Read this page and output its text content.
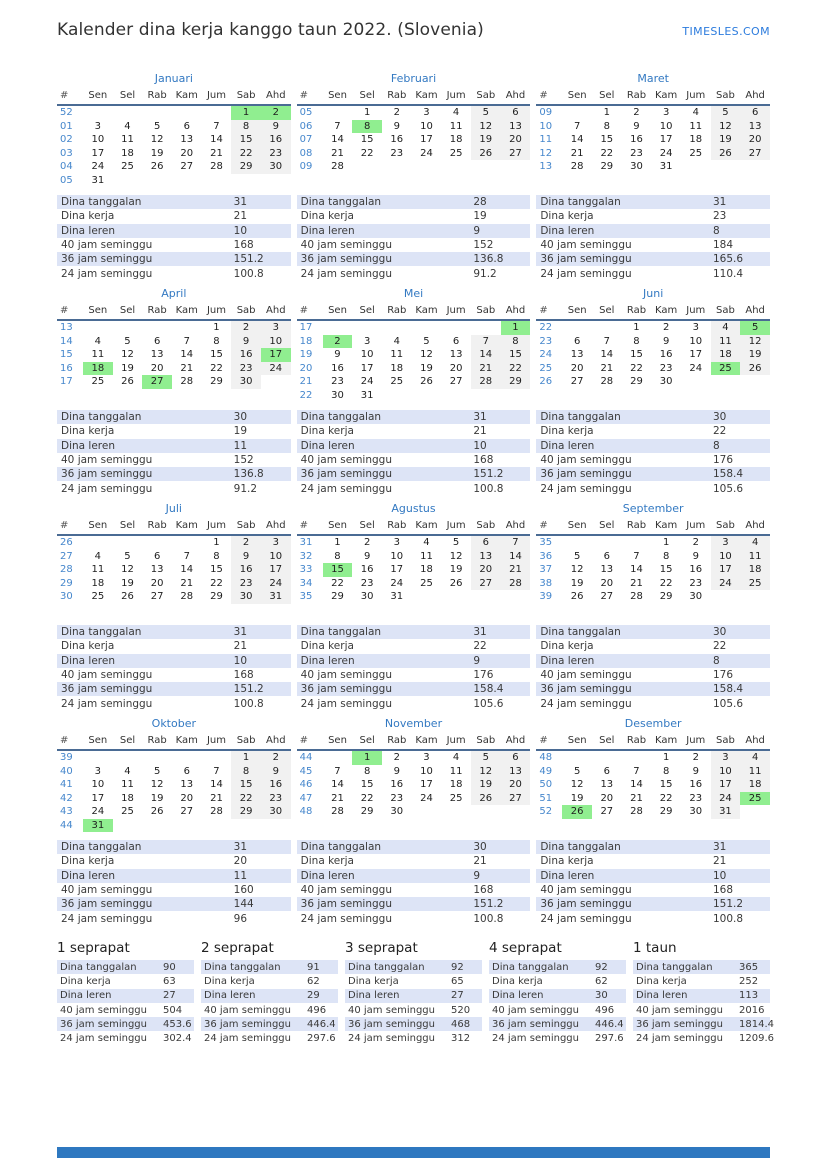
Kalender dina kerja kanggo taun 2022. (Slovenia)	TIMESLES.COM
Januari
#	Sen	Sel	Rab	Kam	Jum	Sab	Ahd
52						1	2
01	3	4	5	6	7	8	9
02	10	11	12	13	14	15	16
03	17	18	19	20	21	22	23
04	24	25	26	27	28	29	30
05	31						
Dina tanggalan	31
Dina kerja	21
Dina leren	10
40 jam seminggu	168
36 jam seminggu	151.2
24 jam seminggu	100.8
Februari
#	Sen	Sel	Rab	Kam	Jum	Sab	Ahd
05		1	2	3	4	5	6
06	7	8	9	10	11	12	13
07	14	15	16	17	18	19	20
08	21	22	23	24	25	26	27
09	28						
Dina tanggalan	28
Dina kerja	19
Dina leren	9
40 jam seminggu	152
36 jam seminggu	136.8
24 jam seminggu	91.2
Maret
#	Sen	Sel	Rab	Kam	Jum	Sab	Ahd
09		1	2	3	4	5	6
10	7	8	9	10	11	12	13
11	14	15	16	17	18	19	20
12	21	22	23	24	25	26	27
13	28	29	30	31			
Dina tanggalan	31
Dina kerja	23
Dina leren	8
40 jam seminggu	184
36 jam seminggu	165.6
24 jam seminggu	110.4
April
#	Sen	Sel	Rab	Kam	Jum	Sab	Ahd
13					1	2	3
14	4	5	6	7	8	9	10
15	11	12	13	14	15	16	17
16	18	19	20	21	22	23	24
17	25	26	27	28	29	30	
Dina tanggalan	30
Dina kerja	19
Dina leren	11
40 jam seminggu	152
36 jam seminggu	136.8
24 jam seminggu	91.2
Mei
#	Sen	Sel	Rab	Kam	Jum	Sab	Ahd
17							1
18	2	3	4	5	6	7	8
19	9	10	11	12	13	14	15
20	16	17	18	19	20	21	22
21	23	24	25	26	27	28	29
22	30	31					
Dina tanggalan	31
Dina kerja	21
Dina leren	10
40 jam seminggu	168
36 jam seminggu	151.2
24 jam seminggu	100.8
Juni
#	Sen	Sel	Rab	Kam	Jum	Sab	Ahd
22			1	2	3	4	5
23	6	7	8	9	10	11	12
24	13	14	15	16	17	18	19
25	20	21	22	23	24	25	26
26	27	28	29	30			
Dina tanggalan	30
Dina kerja	22
Dina leren	8
40 jam seminggu	176
36 jam seminggu	158.4
24 jam seminggu	105.6
Juli
#	Sen	Sel	Rab	Kam	Jum	Sab	Ahd
26					1	2	3
27	4	5	6	7	8	9	10
28	11	12	13	14	15	16	17
29	18	19	20	21	22	23	24
30	25	26	27	28	29	30	31
Dina tanggalan	31
Dina kerja	21
Dina leren	10
40 jam seminggu	168
36 jam seminggu	151.2
24 jam seminggu	100.8
Agustus
#	Sen	Sel	Rab	Kam	Jum	Sab	Ahd
31	1	2	3	4	5	6	7
32	8	9	10	11	12	13	14
33	15	16	17	18	19	20	21
34	22	23	24	25	26	27	28
35	29	30	31				
Dina tanggalan	31
Dina kerja	22
Dina leren	9
40 jam seminggu	176
36 jam seminggu	158.4
24 jam seminggu	105.6
September
#	Sen	Sel	Rab	Kam	Jum	Sab	Ahd
35				1	2	3	4
36	5	6	7	8	9	10	11
37	12	13	14	15	16	17	18
38	19	20	21	22	23	24	25
39	26	27	28	29	30		
Dina tanggalan	30
Dina kerja	22
Dina leren	8
40 jam seminggu	176
36 jam seminggu	158.4
24 jam seminggu	105.6
Oktober
#	Sen	Sel	Rab	Kam	Jum	Sab	Ahd
39						1	2
40	3	4	5	6	7	8	9
41	10	11	12	13	14	15	16
42	17	18	19	20	21	22	23
43	24	25	26	27	28	29	30
44	31						
Dina tanggalan	31
Dina kerja	20
Dina leren	11
40 jam seminggu	160
36 jam seminggu	144
24 jam seminggu	96
November
#	Sen	Sel	Rab	Kam	Jum	Sab	Ahd
44		1	2	3	4	5	6
45	7	8	9	10	11	12	13
46	14	15	16	17	18	19	20
47	21	22	23	24	25	26	27
48	28	29	30				
Dina tanggalan	30
Dina kerja	21
Dina leren	9
40 jam seminggu	168
36 jam seminggu	151.2
24 jam seminggu	100.8
Desember
#	Sen	Sel	Rab	Kam	Jum	Sab	Ahd
48				1	2	3	4
49	5	6	7	8	9	10	11
50	12	13	14	15	16	17	18
51	19	20	21	22	23	24	25
52	26	27	28	29	30	31	
Dina tanggalan	31
Dina kerja	21
Dina leren	10
40 jam seminggu	168
36 jam seminggu	151.2
24 jam seminggu	100.8
1 seprapat
Dina tanggalan	90
Dina kerja	63
Dina leren	27
40 jam seminggu	504
36 jam seminggu	453.6
24 jam seminggu	302.4
2 seprapat
Dina tanggalan	91
Dina kerja	62
Dina leren	29
40 jam seminggu	496
36 jam seminggu	446.4
24 jam seminggu	297.6
3 seprapat
Dina tanggalan	92
Dina kerja	65
Dina leren	27
40 jam seminggu	520
36 jam seminggu	468
24 jam seminggu	312
4 seprapat
Dina tanggalan	92
Dina kerja	62
Dina leren	30
40 jam seminggu	496
36 jam seminggu	446.4
24 jam seminggu	297.6
1 taun
Dina tanggalan	365
Dina kerja	252
Dina leren	113
40 jam seminggu	2016
36 jam seminggu	1814.4
24 jam seminggu	1209.6
